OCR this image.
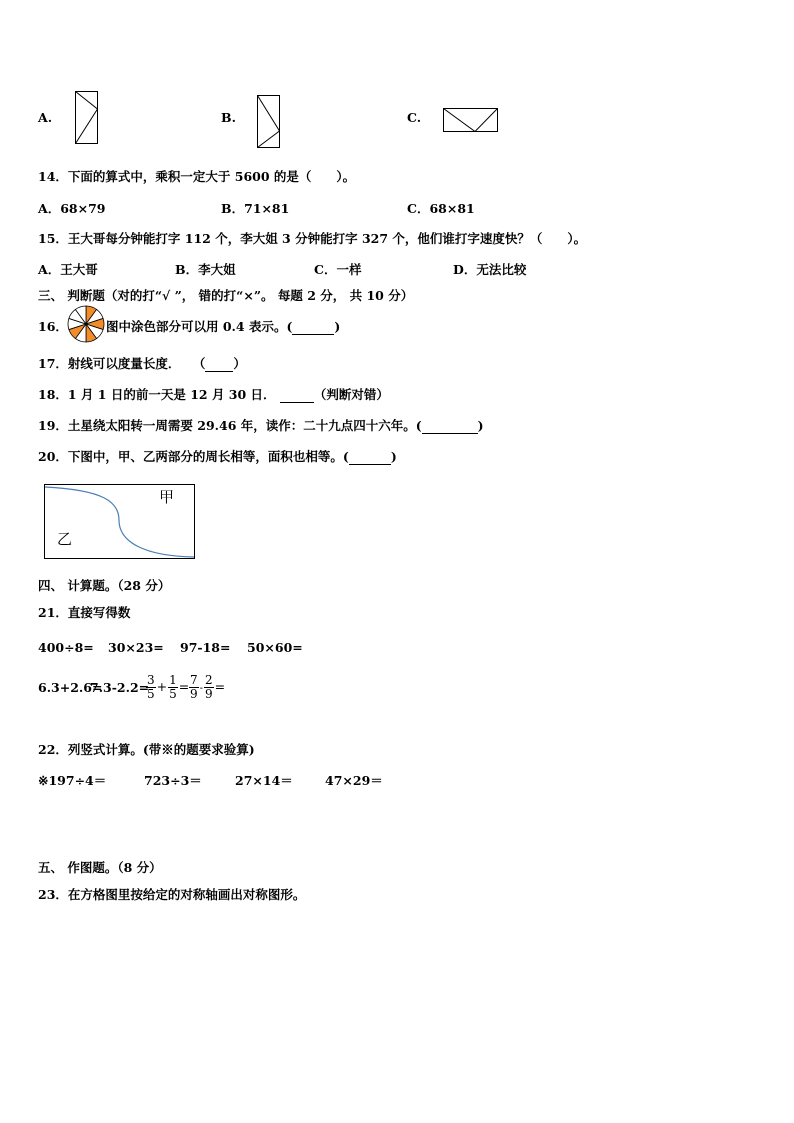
A.	B.	C.
14．下面的算式中，乘积一定大于 5600 的是（　　）。
A．68×79	B．71×81	C．68×81
15．王大哥每分钟能打字 112 个，李大姐 3 分钟能打字 327 个，他们谁打字速度快？（　　）。
A．王大哥	B．李大姐	C．一样	D．无法比较
三、 判断题（对的打“√ ”， 错的打“×”。 每题 2 分， 共 10 分）
16．	图中涂色部分可以用 0.4 表示。(	)
17．射线可以度量长度．　　（ ）
18．1 月 1 日的前一天是 12 月 30 日．	（判断对错）
19．土星绕太阳转一周需要 29.46 年，读作：二十九点四十六年。(	)
20．下图中，甲、乙两部分的周长相等，面积也相等。(	)
甲
乙
四、 计算题。（28 分）
21．直接写得数
400÷8= 30×23= 97-18= 50×60=
6.3+2.6=
7.3-2.2=
$\frac{3}{5} + \frac{1}{5} = \frac{7}{9} - \frac{2}{9}$ =
22．列竖式计算。(带※的题要求验算)
※197÷4＝	723÷3＝	27×14＝	47×29＝
五、 作图题。（8 分）
23．在方格图里按给定的对称轴画出对称图形。
